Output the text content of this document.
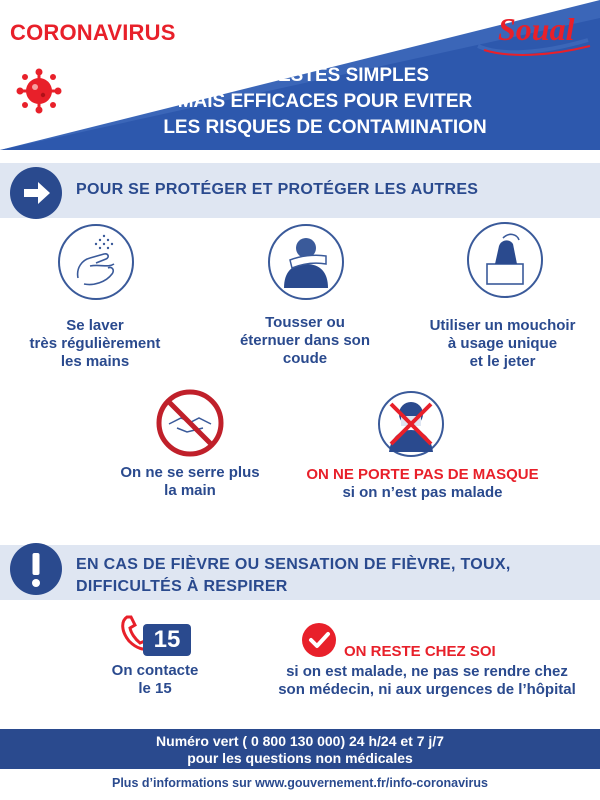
CORONAVIRUS
LES GESTES SIMPLES
MAIS EFFICACES POUR EVITER
LES RISQUES DE CONTAMINATION
Soual
POUR SE PROTÉGER ET PROTÉGER LES AUTRES
Se laver
très régulièrement
les mains
Tousser ou
éternuer dans son
coude
Utiliser un mouchoir
à usage unique
et le jeter
On ne se serre plus
la main
ON NE PORTE PAS DE MASQUE
si on n’est pas malade
EN CAS DE FIÈVRE OU SENSATION DE FIÈVRE, TOUX,
DIFFICULTÉS À RESPIRER
15
On contacte
le 15
ON RESTE CHEZ SOI
si on est malade, ne pas se rendre chez
son médecin, ni aux urgences de l’hôpital
Numéro vert ( 0 800 130 000) 24 h/24 et 7 j/7
pour les questions non médicales
Plus d’informations sur www.gouvernement.fr/info-coronavirus
